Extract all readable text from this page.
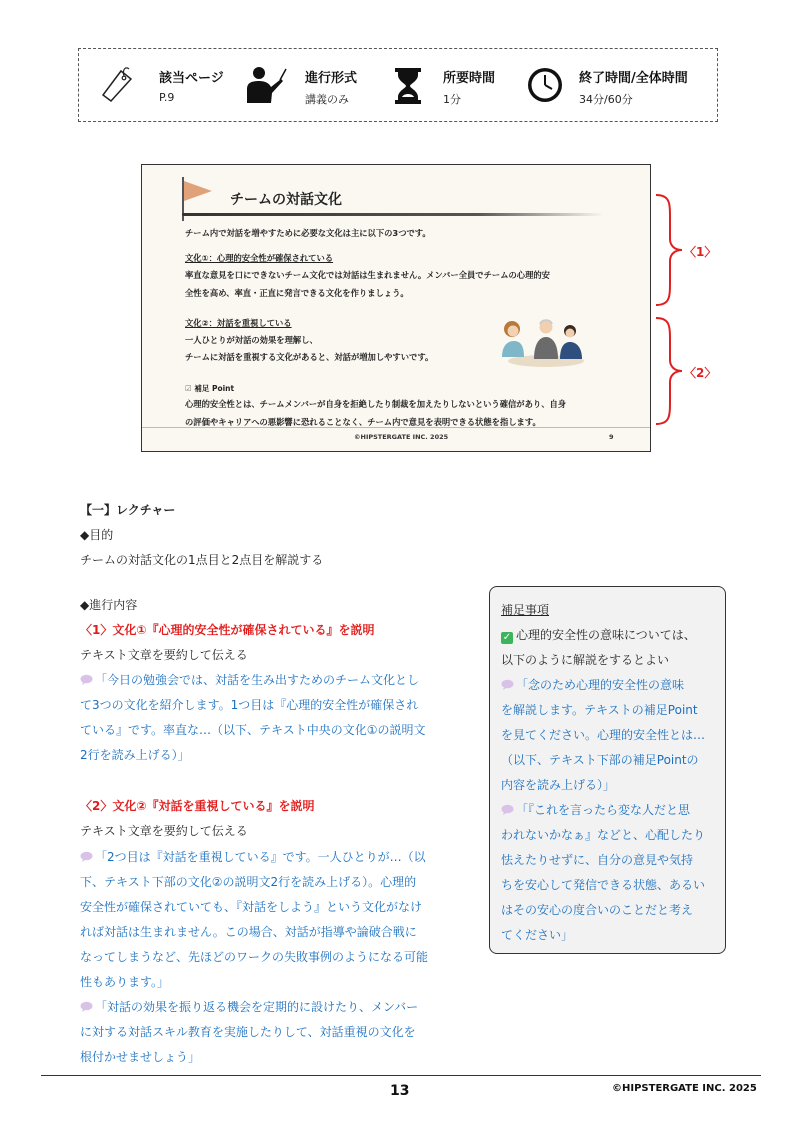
該当ページ
P.9
進行形式
講義のみ
所要時間
1分
終了時間/全体時間
34分/60分
チームの対話文化
チーム内で対話を増やすために必要な文化は主に以下の3つです。
文化①：心理的安全性が確保されている
率直な意見を口にできないチーム文化では対話は生まれません。メンバー全員でチームの心理的安
全性を高め、率直・正直に発言できる文化を作りましょう。
文化②：対話を重視している
一人ひとりが対話の効果を理解し、
チームに対話を重視する文化があると、対話が増加しやすいです。
☑ 補足 Point
心理的安全性とは、チームメンバーが自身を拒絶したり制裁を加えたりしないという確信があり、自身
の評価やキャリアへの悪影響に恐れることなく、チーム内で意見を表明できる状態を指します。
©HIPSTERGATE INC. 2025	9
〈1〉
〈2〉
【一】レクチャー
◆目的
チームの対話文化の1点目と2点目を解説する
◆進行内容
〈1〉文化①『心理的安全性が確保されている』を説明
テキスト文章を要約して伝える
「今日の勉強会では、対話を生み出すためのチーム文化とし
て3つの文化を紹介します。1つ目は『心理的安全性が確保され
ている』です。率直な…（以下、テキスト中央の文化①の説明文
2行を読み上げる）」
〈2〉文化②『対話を重視している』を説明
テキスト文章を要約して伝える
「2つ目は『対話を重視している』です。一人ひとりが…（以
下、テキスト下部の文化②の説明文2行を読み上げる）。心理的
安全性が確保されていても、『対話をしよう』という文化がなけ
れば対話は生まれません。この場合、対話が指導や論破合戦に
なってしまうなど、先ほどのワークの失敗事例のようになる可能
性もあります。」
「対話の効果を振り返る機会を定期的に設けたり、メンバー
に対する対話スキル教育を実施したりして、対話重視の文化を
根付かせませしょう」
補足事項
✓ 心理的安全性の意味については、
以下のように解説をするとよい
「念のため心理的安全性の意味
を解説します。テキストの補足Point
を見てください。心理的安全性とは…
（以下、テキスト下部の補足Pointの
内容を読み上げる）」
「『これを言ったら変な人だと思
われないかなぁ』などと、心配したり
怯えたりせずに、自分の意見や気持
ちを安心して発信できる状態、あるい
はその安心の度合いのことだと考え
てください」
13	©HIPSTERGATE INC. 2025
